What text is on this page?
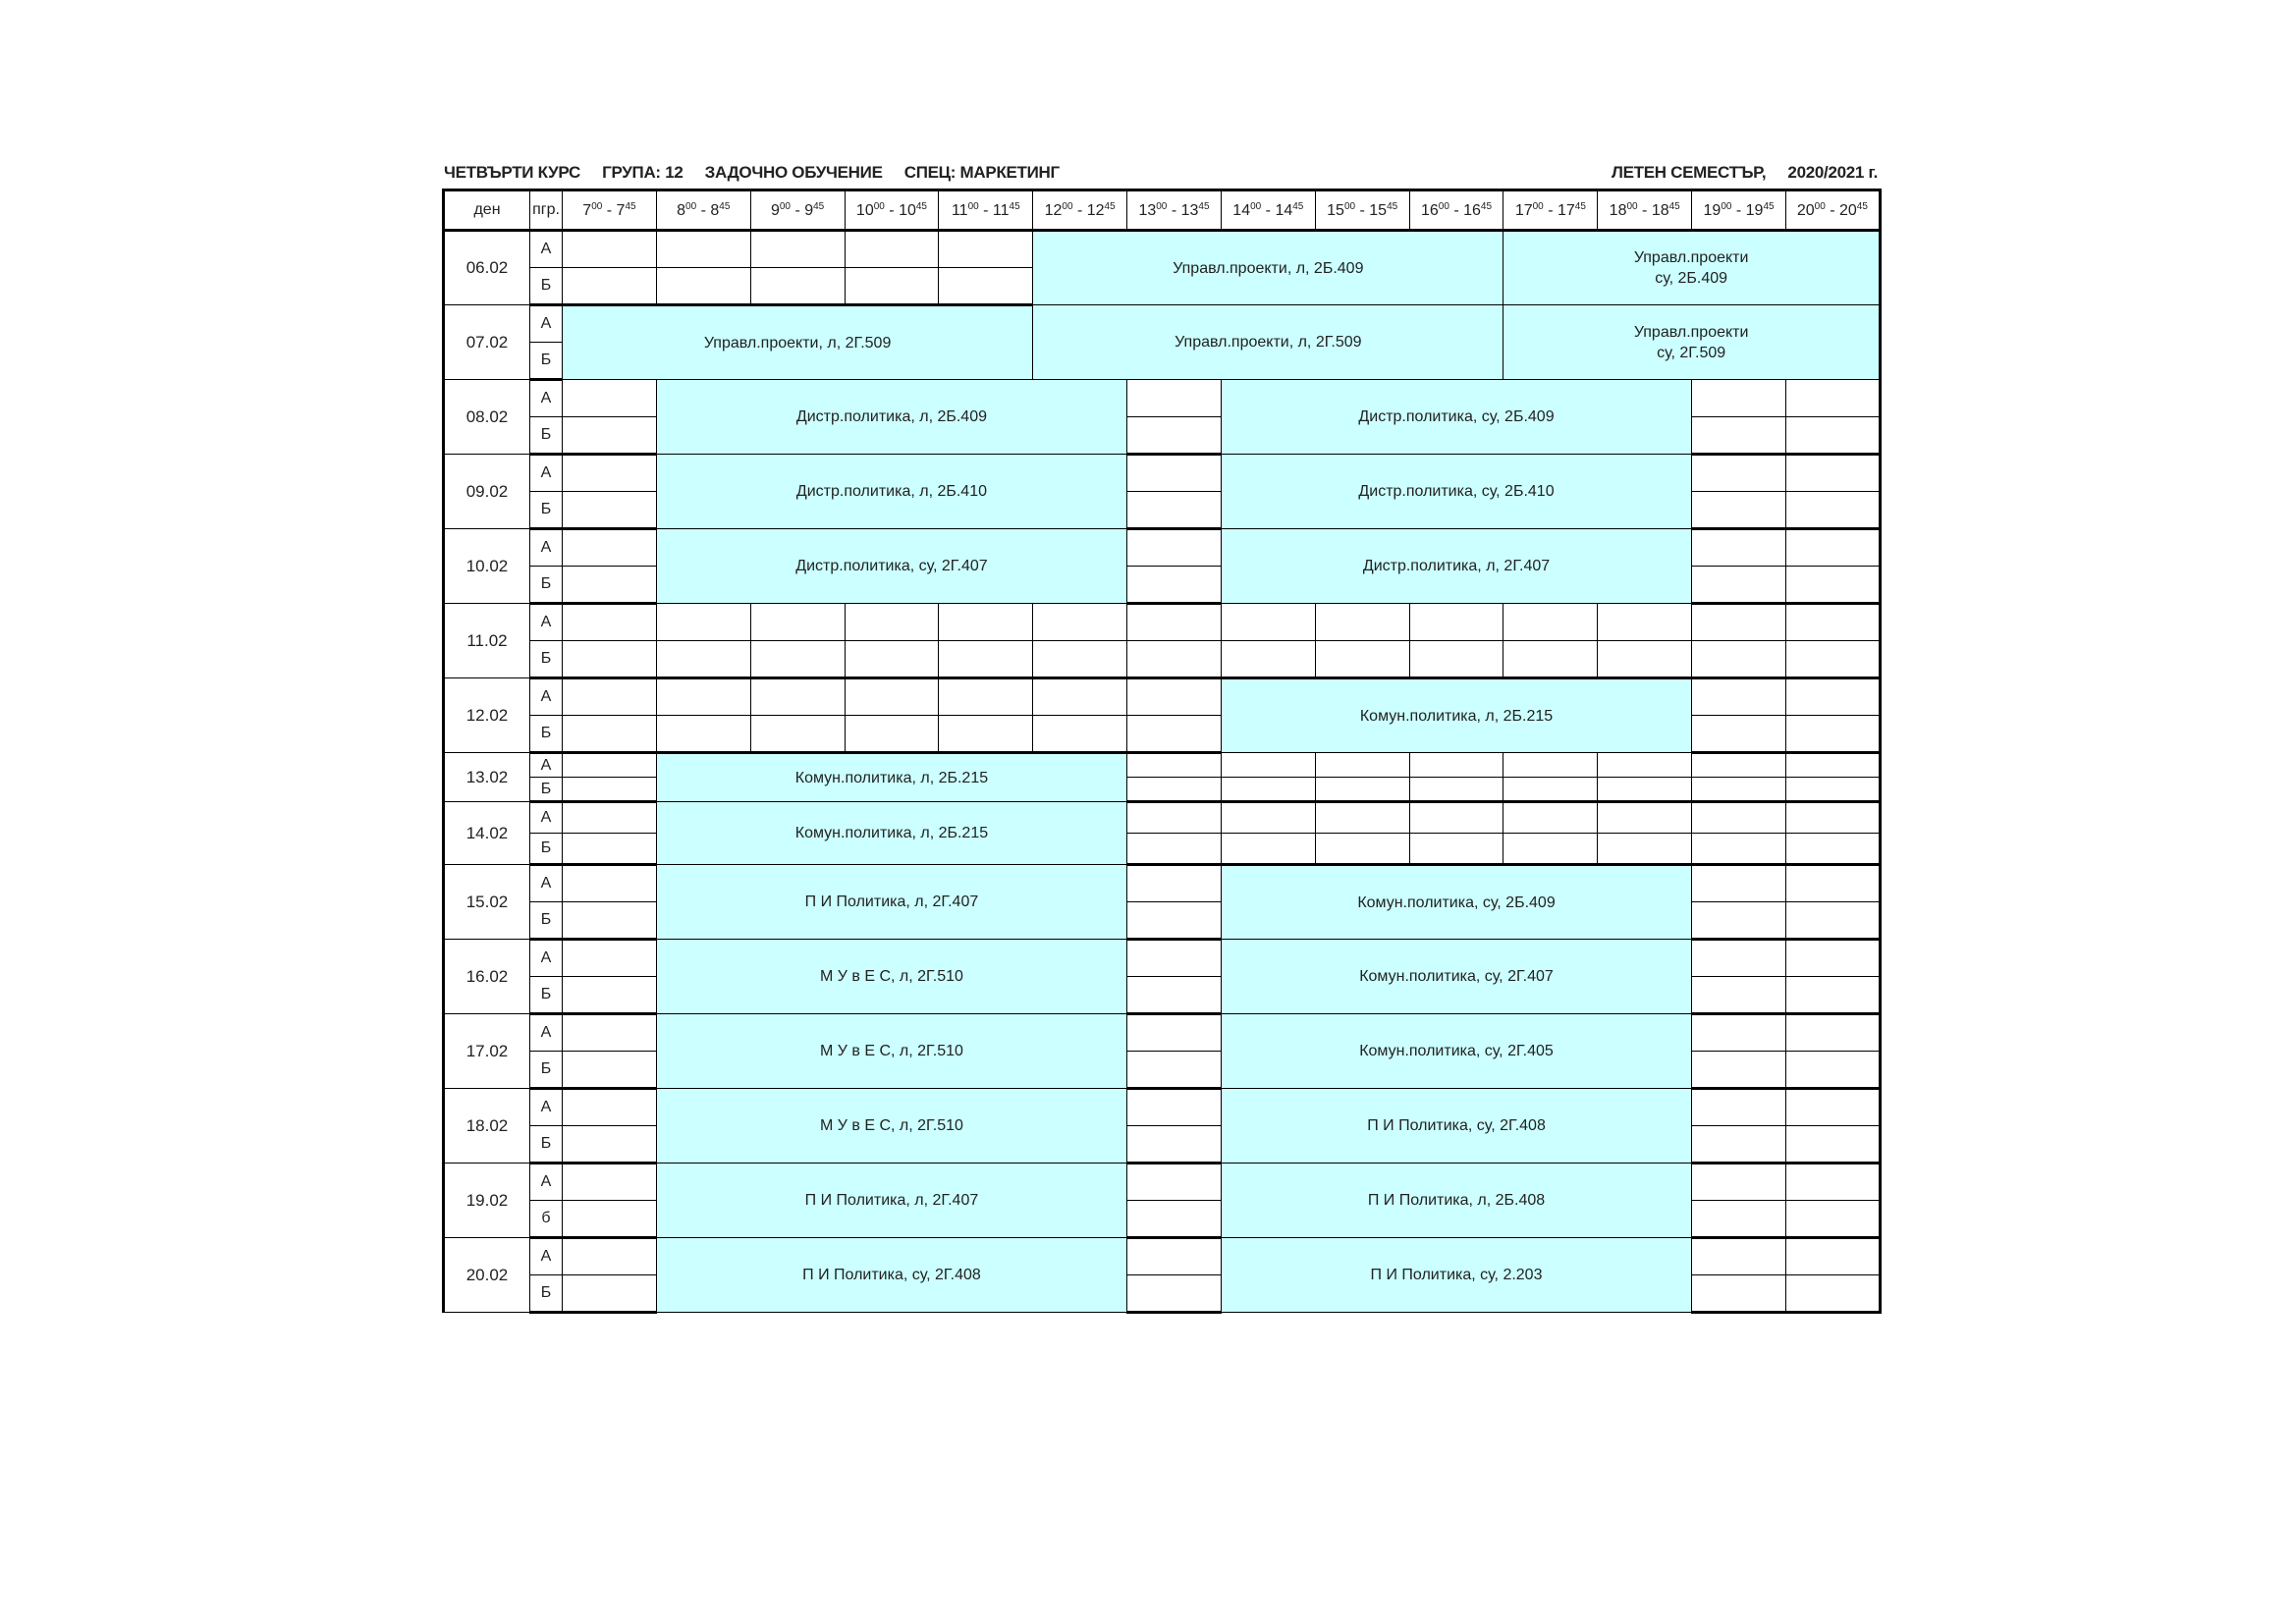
ЧЕТВЪРТИ КУРС     ГРУПА: 12     ЗАДОЧНО ОБУЧЕНИЕ     СПЕЦ: МАРКЕТИНГ	ЛЕТЕН СЕМЕСТЪР,     2020/2021 г.
ден	пгр.	$7^{00} - 7^{45}$	$8^{00} - 8^{45}$	$9^{00} - 9^{45}$	$10^{00} - 10^{45}$	$11^{00} - 11^{45}$	$12^{00} - 12^{45}$	$13^{00} - 13^{45}$	$14^{00} - 14^{45}$	$15^{00} - 15^{45}$	$16^{00} - 16^{45}$	$17^{00} - 17^{45}$	$18^{00} - 18^{45}$	$19^{00} - 19^{45}$	$20^{00} - 20^{45}$
06.02	А						Управл.проекти, л, 2Б.409					Управл.проекти
су, 2Б.409			
	Б														
07.02	А	Управл.проекти, л, 2Г.509					Управл.проекти, л, 2Г.509					Управл.проекти
су, 2Г.509			
	Б														
08.02	А		Дистр.политика, л, 2Б.409						Дистр.политика, су, 2Б.409						
	Б														
09.02	А		Дистр.политика, л, 2Б.410						Дистр.политика, су, 2Б.410						
	Б														
10.02	А		Дистр.политика, су, 2Г.407						Дистр.политика, л, 2Г.407						
	Б														
11.02	А														
	Б														
12.02	А								Комун.политика, л, 2Б.215						
	Б														
13.02	А		Комун.политика, л, 2Б.215												
	Б														
14.02	А		Комун.политика, л, 2Б.215												
	Б														
15.02	А		П И Политика, л, 2Г.407						Комун.политика, су, 2Б.409						
	Б														
16.02	А		М У в Е С, л, 2Г.510						Комун.политика, су, 2Г.407						
	Б														
17.02	А		М У в Е С, л, 2Г.510						Комун.политика, су, 2Г.405						
	Б														
18.02	А		М У в Е С, л, 2Г.510						П И Политика, су, 2Г.408						
	Б														
19.02	А		П И Политика, л, 2Г.407						П И Политика, л, 2Б.408						
	б														
20.02	А		П И Политика, су, 2Г.408						П И Политика, су, 2.203						
	Б														
